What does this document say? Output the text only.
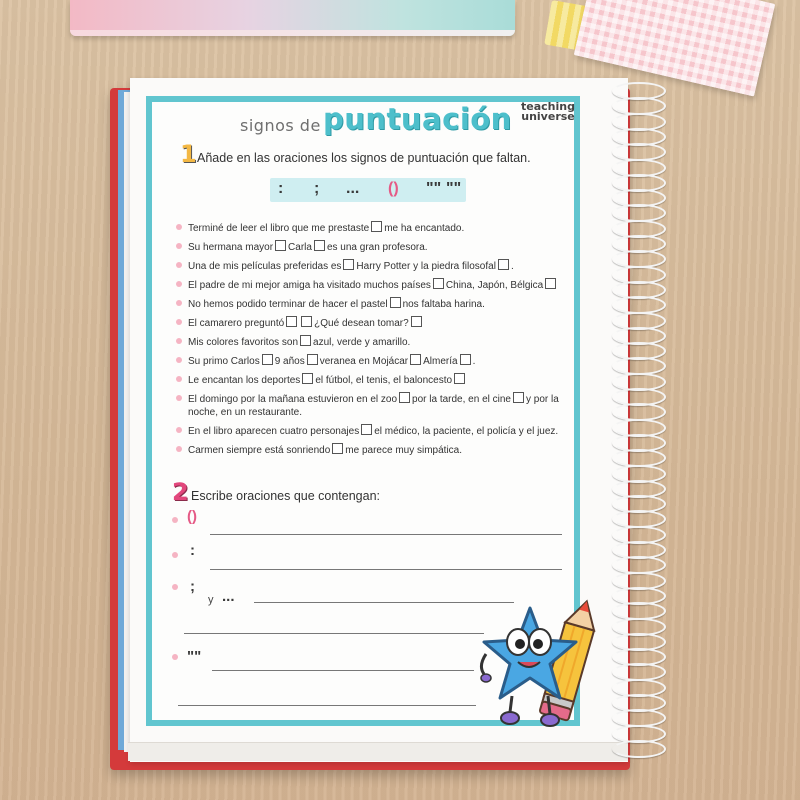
signos de puntuación teaching
universe
1 Añade en las oraciones los signos de puntuación que faltan.
: ; ... () "" ""
Terminé de leer el libro que me prestaste me ha encantado.
Su hermana mayor Carla es una gran profesora.
Una de mis películas preferidas es Harry Potter y la piedra filosofal .
El padre de mi mejor amiga ha visitado muchos países China, Japón, Bélgica
No hemos podido terminar de hacer el pastel nos faltaba harina.
El camarero preguntó	¿Qué desean tomar?
Mis colores favoritos son azul, verde y amarillo.
Su primo Carlos 9 años veranea en Mojácar Almería .
Le encantan los deportes el fútbol, el tenis, el baloncesto
El domingo por la mañana estuvieron en el zoo por la tarde, en el cine y por la noche, en un restaurante.
En el libro aparecen cuatro personajes el médico, la paciente, el policía y el juez.
Carmen siempre está sonriendo me parece muy simpática.
2 Escribe oraciones que contengan:
()
:
;
y ...
""
